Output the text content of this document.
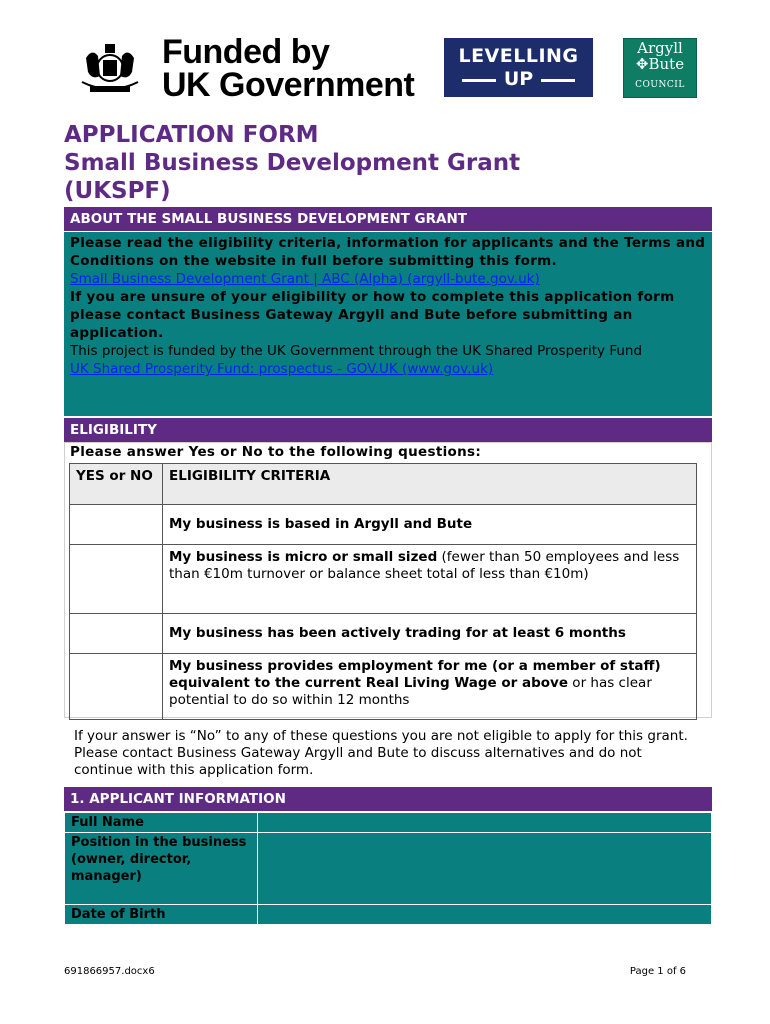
Funded by
UK Government
LEVELLING
UP
Argyll
✥Bute
COUNCIL
APPLICATION FORM
Small Business Development Grant
(UKSPF)
ABOUT THE SMALL BUSINESS DEVELOPMENT GRANT

Please read the eligibility criteria, information for applicants and the Terms and Conditions on the website in full before submitting this form.

Small Business Development Grant | ABC (Alpha) (argyll-bute.gov.uk)

If you are unsure of your eligibility or how to complete this application form please contact Business Gateway Argyll and Bute before submitting an application.

This project is funded by the UK Government through the UK Shared Prosperity Fund

UK Shared Prosperity Fund: prospectus - GOV.UK (www.gov.uk)

ELIGIBILITY
Please answer Yes or No to the following questions:
YES or NO	ELIGIBILITY CRITERIA
	My business is based in Argyll and Bute
	My business is micro or small sized (fewer than 50 employees and less than €10m turnover or balance sheet total of less than €10m)
	My business has been actively trading for at least 6 months
	My business provides employment for me (or a member of staff) equivalent to the current Real Living Wage or above or has clear potential to do so within 12 months
If your answer is “No” to any of these questions you are not eligible to apply for this grant. Please contact Business Gateway Argyll and Bute to discuss alternatives and do not continue with this application form.
1. APPLICANT INFORMATION
Full Name	
Position in the business (owner, director, manager)	
Date of Birth	
691866957.docx6	Page 1 of 6
